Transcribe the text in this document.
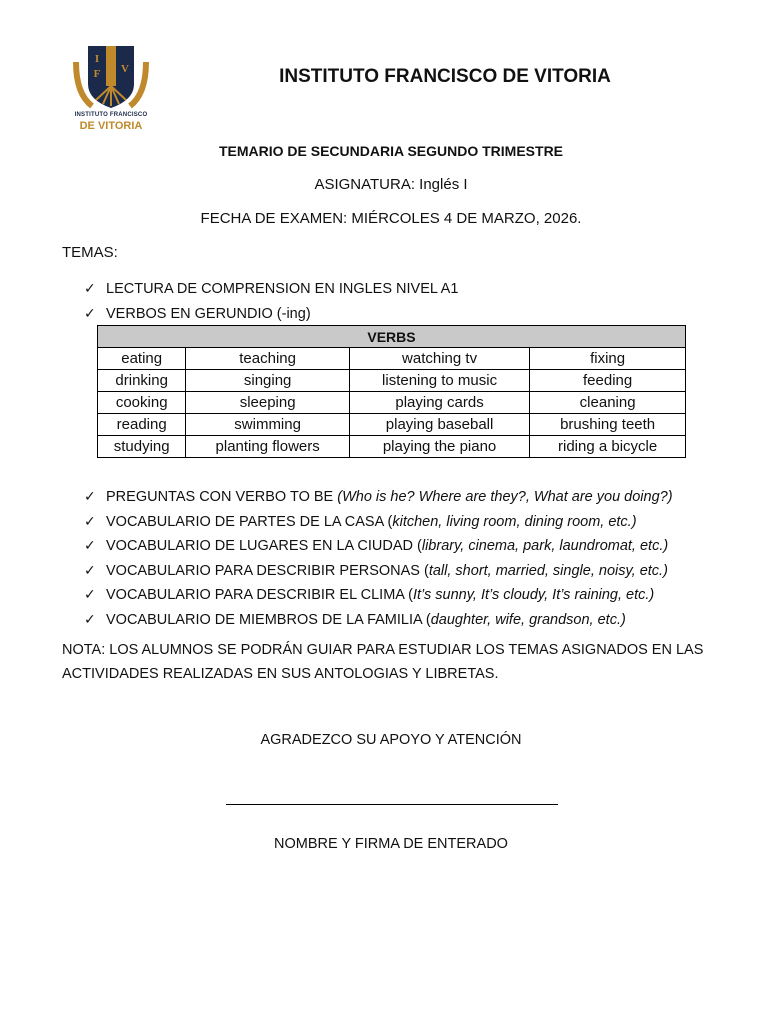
I
F V
INSTITUTO FRANCISCO
DE VITORIA
INSTITUTO FRANCISCO DE VITORIA
TEMARIO DE SECUNDARIA SEGUNDO TRIMESTRE
ASIGNATURA: Inglés I
FECHA DE EXAMEN: MIÉRCOLES 4 DE MARZO, 2026.
TEMAS:
✓ LECTURA DE COMPRENSION EN INGLES NIVEL A1
✓ VERBOS EN GERUNDIO (-ing)
VERBS			
eating	teaching	watching tv	fixing
drinking	singing	listening to music	feeding
cooking	sleeping	playing cards	cleaning
reading	swimming	playing baseball	brushing teeth
studying	planting flowers	playing the piano	riding a bicycle
✓ PREGUNTAS CON VERBO TO BE (Who is he? Where are they?, What are you doing?)
✓ VOCABULARIO DE PARTES DE LA CASA (kitchen, living room, dining room, etc.)
✓ VOCABULARIO DE LUGARES EN LA CIUDAD (library, cinema, park, laundromat, etc.)
✓ VOCABULARIO PARA DESCRIBIR PERSONAS (tall, short, married, single, noisy, etc.)
✓ VOCABULARIO PARA DESCRIBIR EL CLIMA (It’s sunny, It’s cloudy, It’s raining, etc.)
✓ VOCABULARIO DE MIEMBROS DE LA FAMILIA (daughter, wife, grandson, etc.)
NOTA: LOS ALUMNOS SE PODRÁN GUIAR PARA ESTUDIAR LOS TEMAS ASIGNADOS EN LAS ACTIVIDADES REALIZADAS EN SUS ANTOLOGIAS Y LIBRETAS.
AGRADEZCO SU APOYO Y ATENCIÓN
NOMBRE Y FIRMA DE ENTERADO
